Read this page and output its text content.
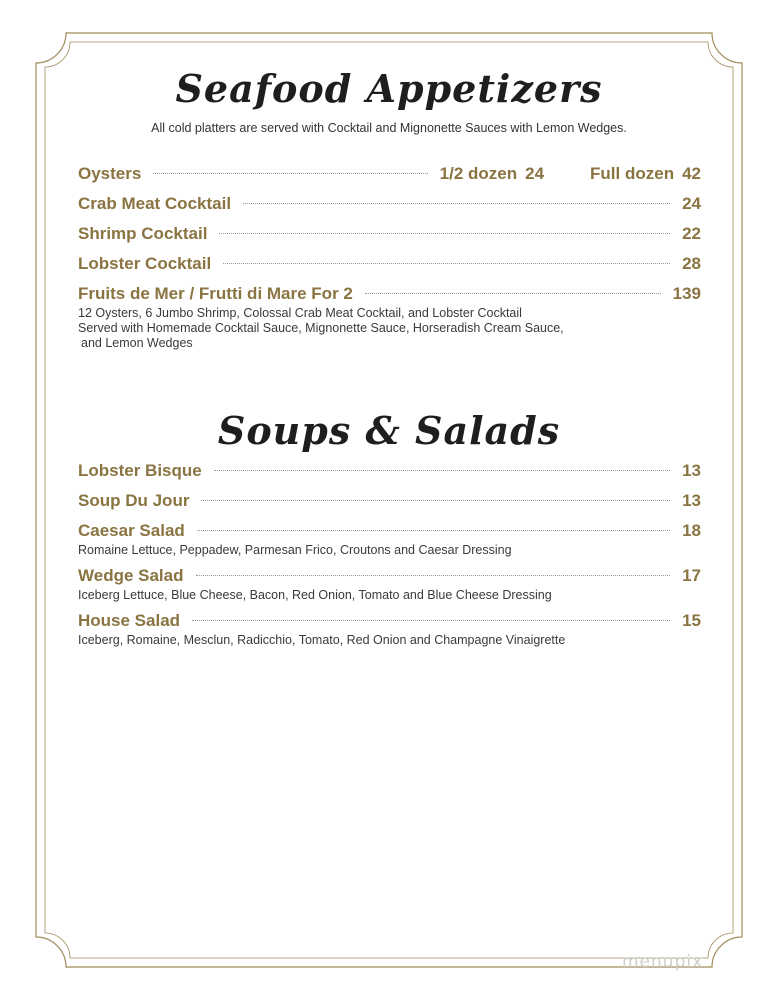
Seafood Appetizers

All cold platters are served with Cocktail and Mignonette Sauces with Lemon Wedges.

Oysters	1/2 dozen 24	Full dozen 42
Crab Meat Cocktail	24
Shrimp Cocktail	22
Lobster Cocktail	28
Fruits de Mer / Frutti di Mare For 2	139
12 Oysters, 6 Jumbo Shrimp, Colossal Crab Meat Cocktail, and Lobster Cocktail
Served with Homemade Cocktail Sauce, Mignonette Sauce, Horseradish Cream Sauce,
and Lemon Wedges
Soups & Salads
Lobster Bisque	13
Soup Du Jour	13
Caesar Salad	18
Romaine Lettuce, Peppadew, Parmesan Frico, Croutons and Caesar Dressing
Wedge Salad	17
Iceberg Lettuce, Blue Cheese, Bacon, Red Onion, Tomato and Blue Cheese Dressing
House Salad	15
Iceberg, Romaine, Mesclun, Radicchio, Tomato, Red Onion and Champagne Vinaigrette
menupix
